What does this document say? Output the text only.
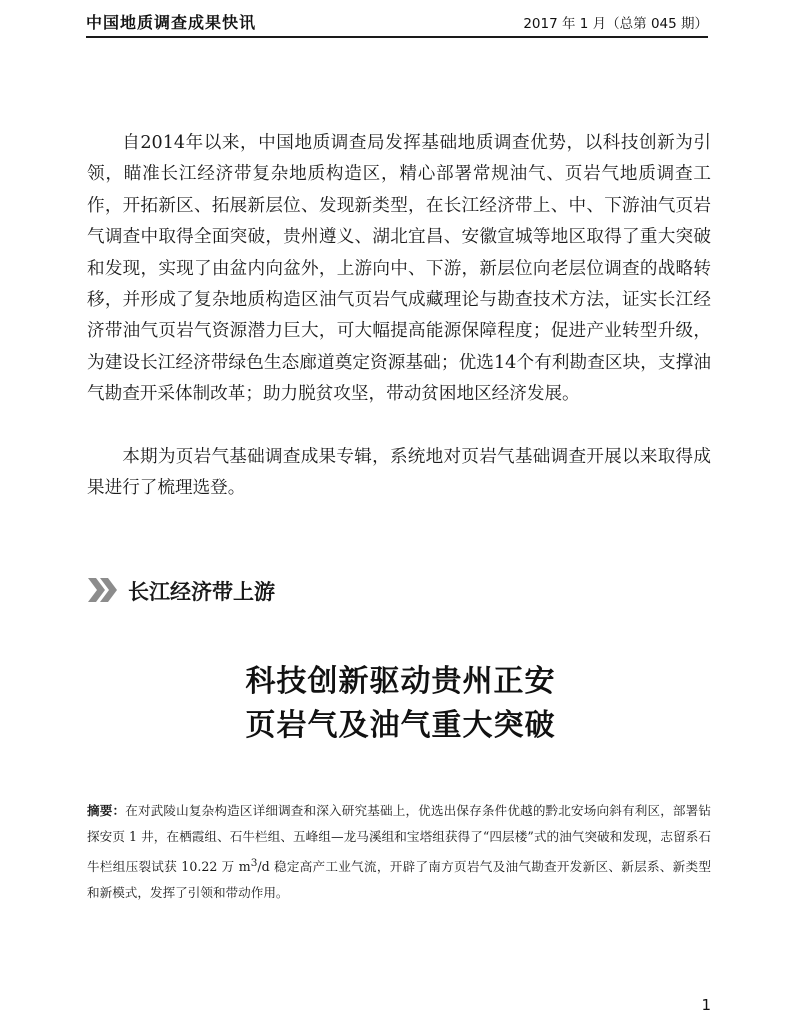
中国地质调查成果快讯	2017 年 1 月（总第 045 期）

自2014年以来，中国地质调查局发挥基础地质调查优势，以科技创新为引领，瞄准长江经济带复杂地质构造区，精心部署常规油气、页岩气地质调查工作，开拓新区、拓展新层位、发现新类型，在长江经济带上、中、下游油气页岩气调查中取得全面突破，贵州遵义、湖北宜昌、安徽宣城等地区取得了重大突破和发现，实现了由盆内向盆外，上游向中、下游，新层位向老层位调查的战略转移，并形成了复杂地质构造区油气页岩气成藏理论与勘查技术方法，证实长江经济带油气页岩气资源潜力巨大，可大幅提高能源保障程度；促进产业转型升级，为建设长江经济带绿色生态廊道奠定资源基础；优选14个有利勘查区块，支撑油气勘查开采体制改革；助力脱贫攻坚，带动贫困地区经济发展。

本期为页岩气基础调查成果专辑，系统地对页岩气基础调查开展以来取得成果进行了梳理选登。

长江经济带上游
科技创新驱动贵州正安
页岩气及油气重大突破

摘要：在对武陵山复杂构造区详细调查和深入研究基础上，优选出保存条件优越的黔北安场向斜有利区，部署钻探安页 1 井，在栖霞组、石牛栏组、五峰组—龙马溪组和宝塔组获得了“四层楼”式的油气突破和发现，志留系石牛栏组压裂试获 10.22 万 $m^3/d$ 稳定高产工业气流，开辟了南方页岩气及油气勘查开发新区、新层系、新类型和新模式，发挥了引领和带动作用。

1
